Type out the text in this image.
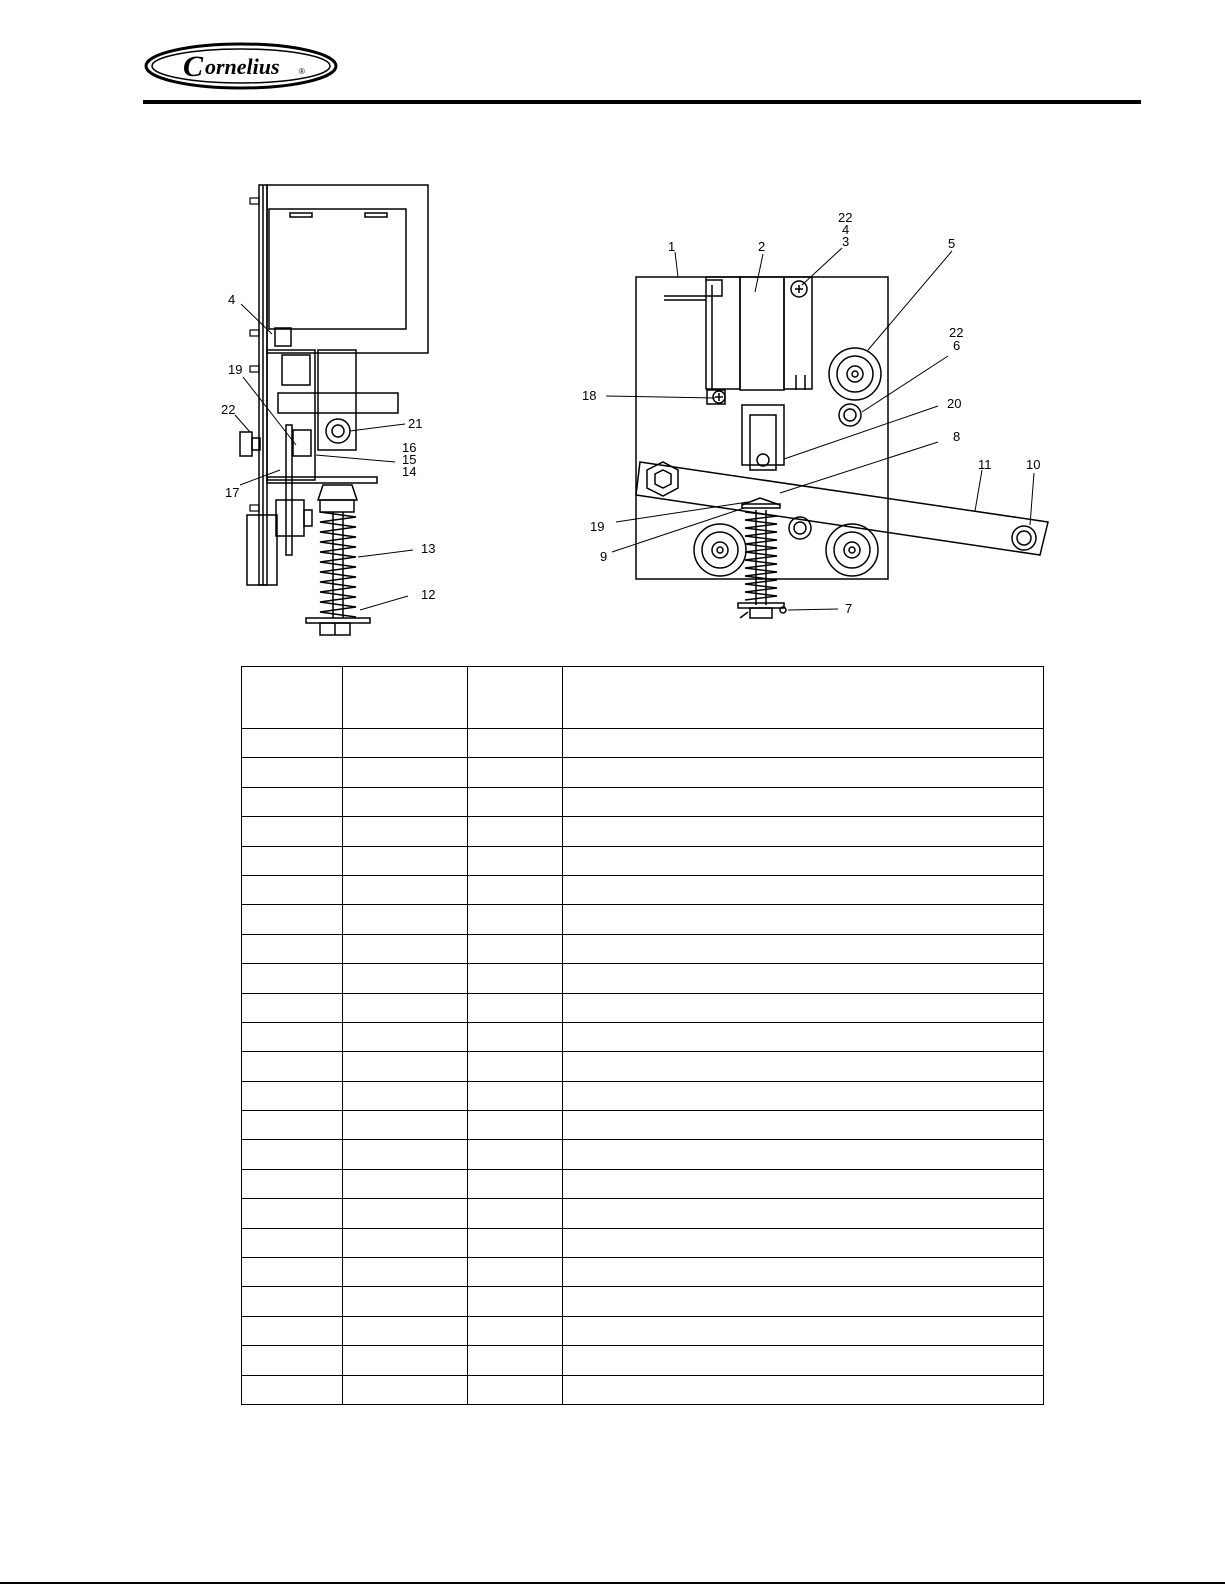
C ornelius ®
4
19
22
21
16
15
14
17
13
12
1	2
22
4
3	5
22
6
18
20
8
11	10
19
9
7
